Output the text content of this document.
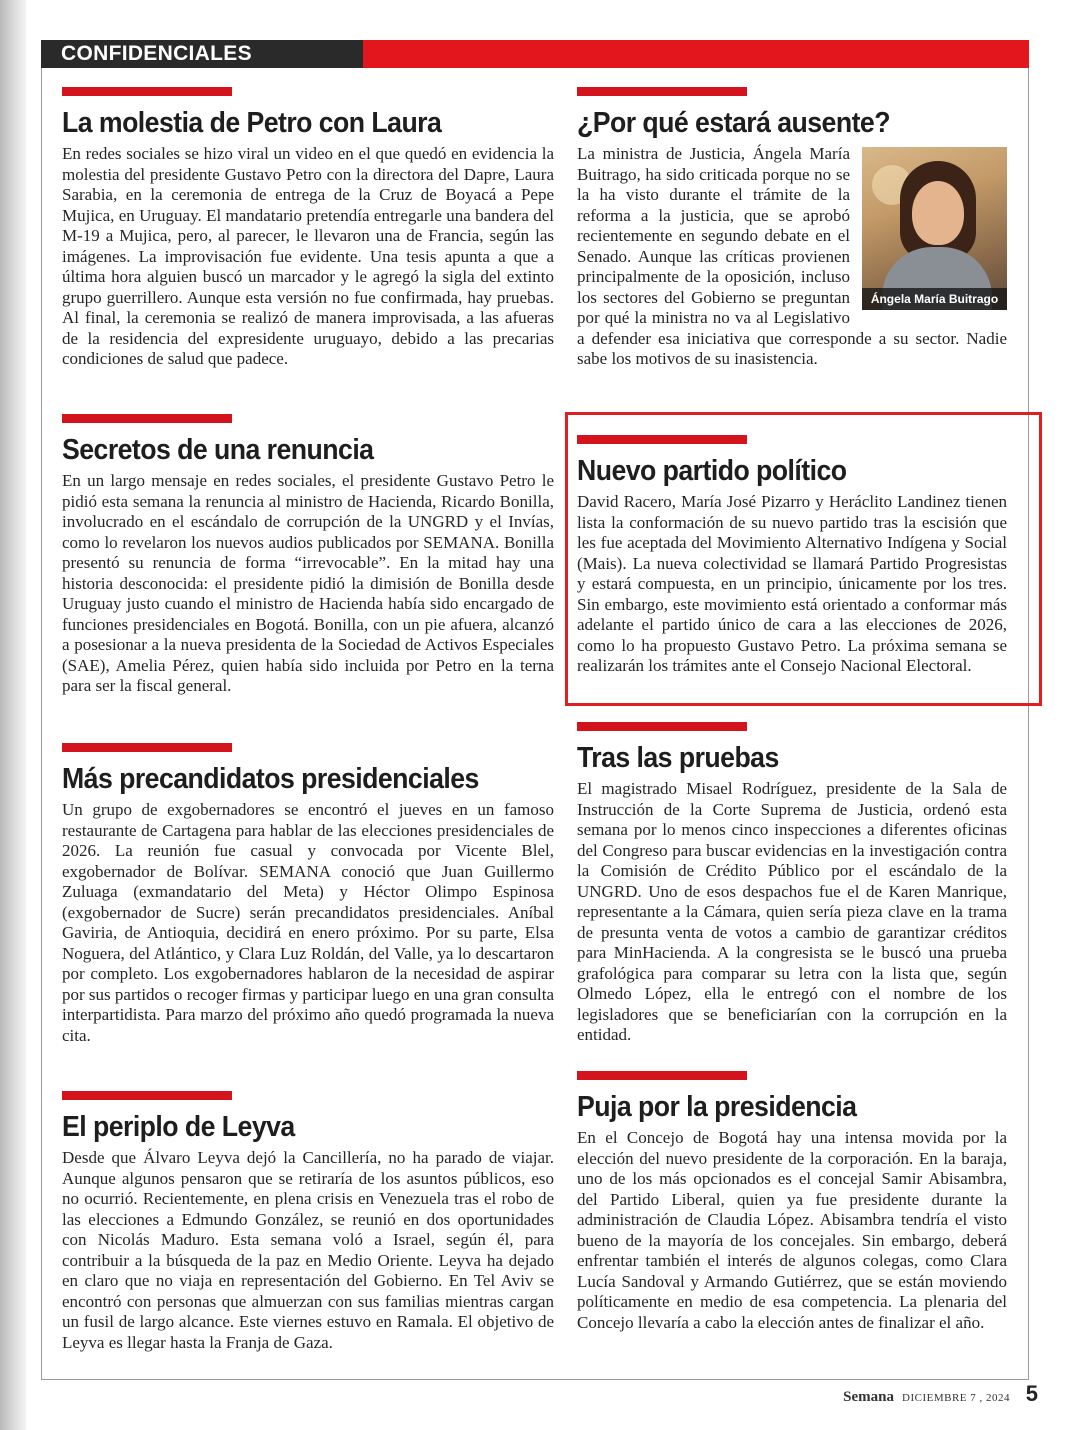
CONFIDENCIALES
La molestia de Petro con Laura

En redes sociales se hizo viral un video en el que quedó en evidencia la molestia del presidente Gustavo Petro con la directora del Dapre, Laura Sarabia, en la ceremonia de entrega de la Cruz de Boyacá a Pepe Mujica, en Uruguay. El mandatario pretendía entregarle una bandera del M-19 a Mujica, pero, al parecer, le llevaron una de Francia, según las imágenes. La improvisación fue evidente. Una tesis apunta a que a última hora alguien buscó un marcador y le agregó la sigla del extinto grupo guerrillero. Aunque esta versión no fue confirmada, hay pruebas. Al final, la ceremonia se realizó de manera improvisada, a las afueras de la residencia del expresidente uruguayo, debido a las precarias condiciones de salud que padece.

Secretos de una renuncia

En un largo mensaje en redes sociales, el presidente Gustavo Petro le pidió esta semana la renuncia al ministro de Hacienda, Ricardo Bonilla, involucrado en el escándalo de corrupción de la UNGRD y el Invías, como lo revelaron los nuevos audios publicados por SEMANA. Bonilla presentó su renuncia de forma “irrevocable”. En la mitad hay una historia desconocida: el presidente pidió la dimisión de Bonilla desde Uruguay justo cuando el ministro de Hacienda había sido encargado de funciones presidenciales en Bogotá. Bonilla, con un pie afuera, alcanzó a posesionar a la nueva presidenta de la Sociedad de Activos Especiales (SAE), Amelia Pérez, quien había sido incluida por Petro en la terna para ser la fiscal general.

Más precandidatos presidenciales

Un grupo de exgobernadores se encontró el jueves en un famoso restaurante de Cartagena para hablar de las elecciones presidenciales de 2026. La reunión fue casual y convocada por Vicente Blel, exgobernador de Bolívar. SEMANA conoció que Juan Guillermo Zuluaga (exmandatario del Meta) y Héctor Olimpo Espinosa (exgobernador de Sucre) serán precandidatos presidenciales. Aníbal Gaviria, de Antioquia, decidirá en enero próximo. Por su parte, Elsa Noguera, del Atlántico, y Clara Luz Roldán, del Valle, ya lo descartaron por completo. Los exgobernadores hablaron de la necesidad de aspirar por sus partidos o recoger firmas y participar luego en una gran consulta interpartidista. Para marzo del próximo año quedó programada la nueva cita.

El periplo de Leyva

Desde que Álvaro Leyva dejó la Cancillería, no ha parado de viajar. Aunque algunos pensaron que se retiraría de los asuntos públicos, eso no ocurrió. Recientemente, en plena crisis en Venezuela tras el robo de las elecciones a Edmundo González, se reunió en dos oportunidades con Nicolás Maduro. Esta semana voló a Israel, según él, para contribuir a la búsqueda de la paz en Medio Oriente. Leyva ha dejado en claro que no viaja en representación del Gobierno. En Tel Aviv se encontró con personas que almuerzan con sus familias mientras cargan un fusil de largo alcance. Este viernes estuvo en Ramala. El objetivo de Leyva es llegar hasta la Franja de Gaza.

¿Por qué estará ausente?
Ángela María Buitrago

La ministra de Justicia, Ángela María Buitrago, ha sido criticada porque no se la ha visto durante el trámite de la reforma a la justicia, que se aprobó recientemente en segundo debate en el Senado. Aunque las críticas provienen principalmente de la oposición, incluso los sectores del Gobierno se preguntan por qué la ministra no va al Legislativo a defender esa iniciativa que corresponde a su sector. Nadie sabe los motivos de su inasistencia.

Nuevo partido político

David Racero, María José Pizarro y Heráclito Landinez tienen lista la conformación de su nuevo partido tras la escisión que les fue aceptada del Movimiento Alternativo Indígena y Social (Mais). La nueva colectividad se llamará Partido Progresistas y estará compuesta, en un principio, únicamente por los tres. Sin embargo, este movimiento está orientado a conformar más adelante el partido único de cara a las elecciones de 2026, como lo ha propuesto Gustavo Petro. La próxima semana se realizarán los trámites ante el Consejo Nacional Electoral.

Tras las pruebas

El magistrado Misael Rodríguez, presidente de la Sala de Instrucción de la Corte Suprema de Justicia, ordenó esta semana por lo menos cinco inspecciones a diferentes oficinas del Congreso para buscar evidencias en la investigación contra la Comisión de Crédito Público por el escándalo de la UNGRD. Uno de esos despachos fue el de Karen Manrique, representante a la Cámara, quien sería pieza clave en la trama de presunta venta de votos a cambio de garantizar créditos para MinHacienda. A la congresista se le buscó una prueba grafológica para comparar su letra con la lista que, según Olmedo López, ella le entregó con el nombre de los legisladores que se beneficiarían con la corrupción en la entidad.

Puja por la presidencia

En el Concejo de Bogotá hay una intensa movida por la elección del nuevo presidente de la corporación. En la baraja, uno de los más opcionados es el concejal Samir Abisambra, del Partido Liberal, quien ya fue presidente durante la administración de Claudia López. Abisambra tendría el visto bueno de la mayoría de los concejales. Sin embargo, deberá enfrentar también el interés de algunos colegas, como Clara Lucía Sandoval y Armando Gutiérrez, que se están moviendo políticamente en medio de esa competencia. La plenaria del Concejo llevaría a cabo la elección antes de finalizar el año.

Semana DICIEMBRE 7 , 2024 5
